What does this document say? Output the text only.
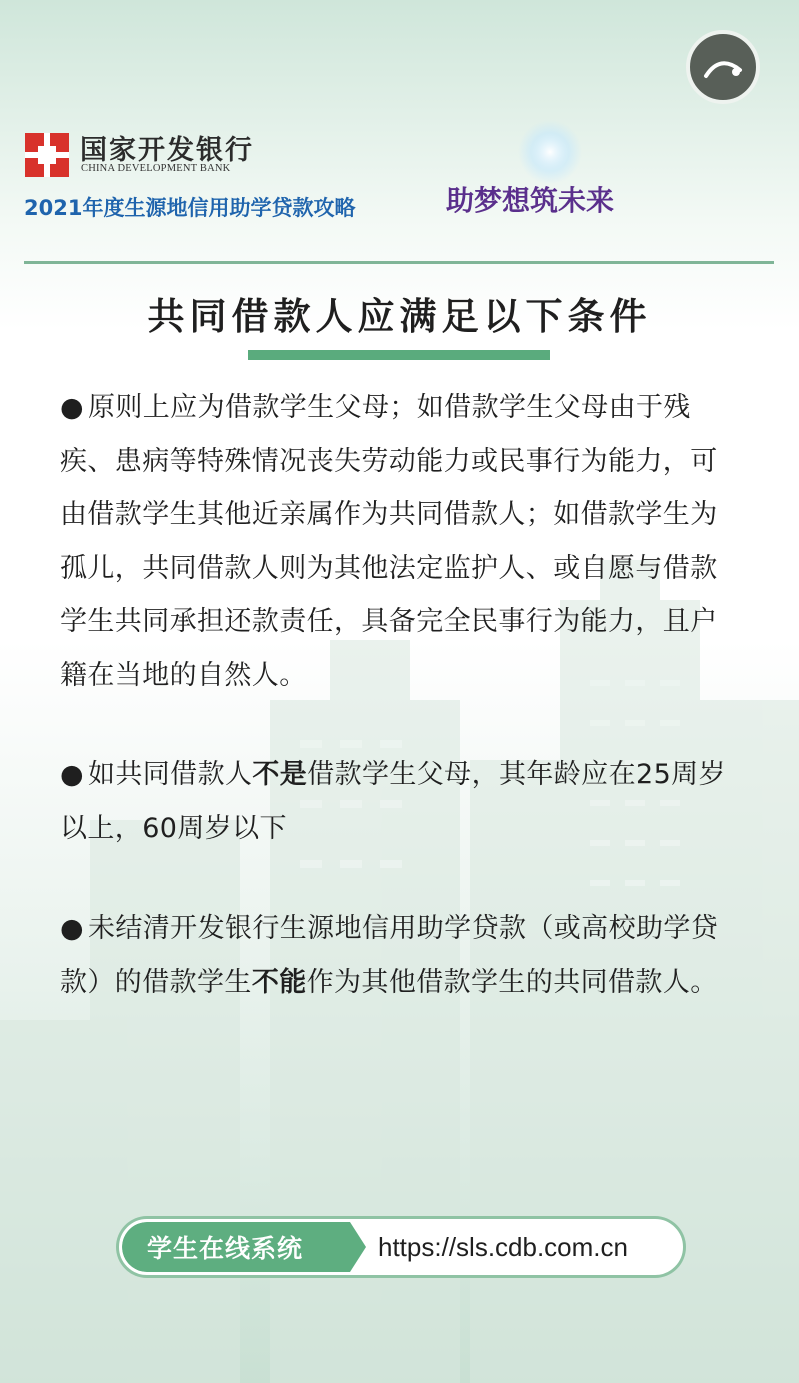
国家开发银行
CHINA DEVELOPMENT BANK
2021年度生源地信用助学贷款攻略	助梦想筑未来
共同借款人应满足以下条件

● 原则上应为借款学生父母；如借款学生父母由于残疾、患病等特殊情况丧失劳动能力或民事行为能力，可由借款学生其他近亲属作为共同借款人；如借款学生为孤儿，共同借款人则为其他法定监护人、或自愿与借款学生共同承担还款责任，具备完全民事行为能力，且户籍在当地的自然人。

● 如共同借款人不是借款学生父母，其年龄应在25周岁以上，60周岁以下

● 未结清开发银行生源地信用助学贷款（或高校助学贷款）的借款学生不能作为其他借款学生的共同借款人。

学生在线系统	https://sls.cdb.com.cn
